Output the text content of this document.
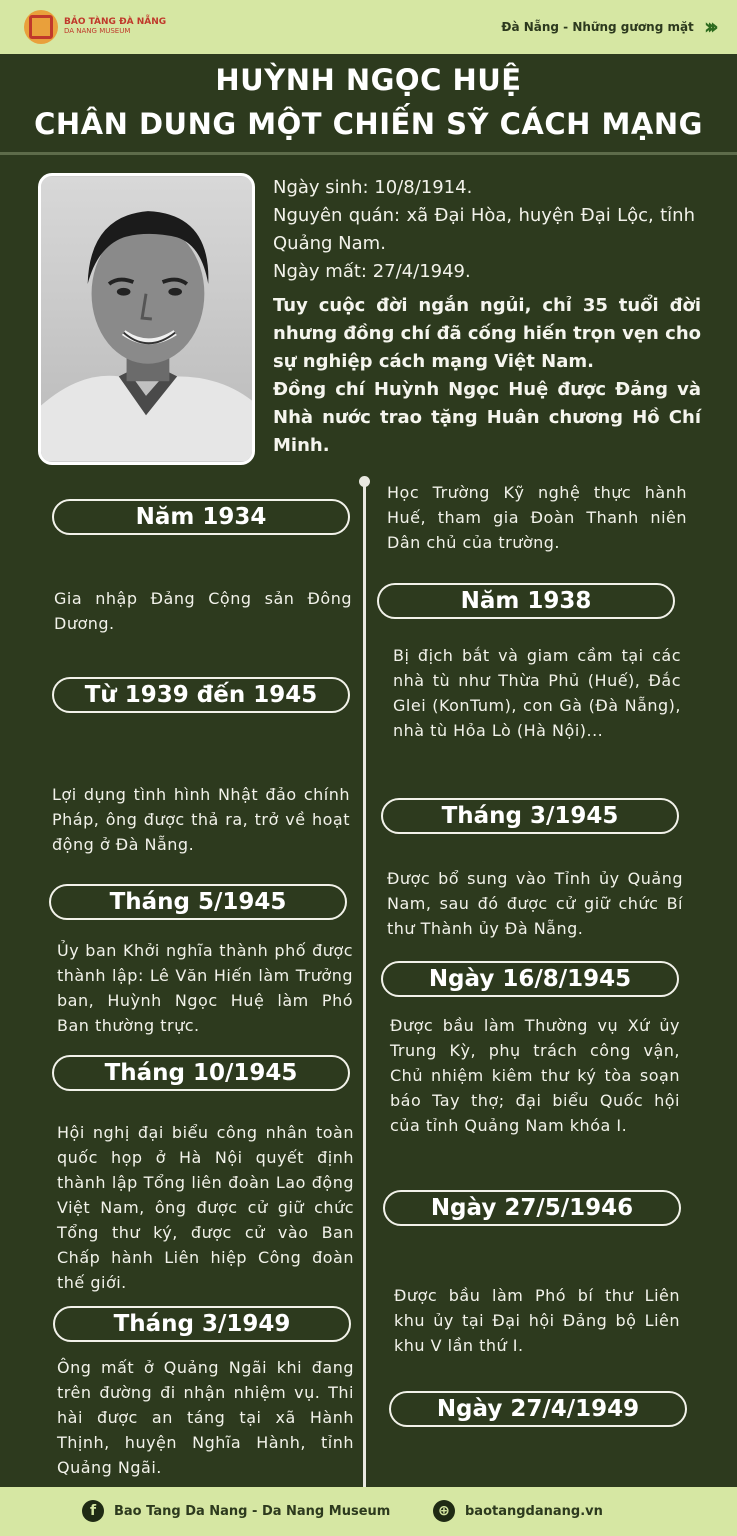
BẢO TÀNG ĐÀ NẴNG
DA NANG MUSEUM	Đà Nẵng - Những gương mặt ›››
HUỲNH NGỌC HUỆ
CHÂN DUNG MỘT CHIẾN SỸ CÁCH MẠNG
Ngày sinh: 10/8/1914.
Nguyên quán: xã Đại Hòa, huyện Đại Lộc, tỉnh Quảng Nam.
Ngày mất: 27/4/1949.

Tuy cuộc đời ngắn ngủi, chỉ 35 tuổi đời nhưng đồng chí đã cống hiến trọn vẹn cho sự nghiệp cách mạng Việt Nam.

Đồng chí Huỳnh Ngọc Huệ được Đảng và Nhà nước trao tặng Huân chương Hồ Chí Minh.

Năm 1934
Học Trường Kỹ nghệ thực hành Huế, tham gia Đoàn Thanh niên Dân chủ của trường.
Năm 1938
Gia nhập Đảng Cộng sản Đông Dương.
Từ 1939 đến 1945
Bị địch bắt và giam cầm tại các nhà tù như Thừa Phủ (Huế), Đắc Glei (KonTum), con Gà (Đà Nẵng), nhà tù Hỏa Lò (Hà Nội)...
Tháng 3/1945
Lợi dụng tình hình Nhật đảo chính Pháp, ông được thả ra, trở về hoạt động ở Đà Nẵng.
Tháng 5/1945
Được bổ sung vào Tỉnh ủy Quảng Nam, sau đó được cử giữ chức Bí thư Thành ủy Đà Nẵng.
Ngày 16/8/1945
Ủy ban Khởi nghĩa thành phố được thành lập: Lê Văn Hiến làm Trưởng ban, Huỳnh Ngọc Huệ làm Phó Ban thường trực.
Tháng 10/1945
Được bầu làm Thường vụ Xứ ủy Trung Kỳ, phụ trách công vận, Chủ nhiệm kiêm thư ký tòa soạn báo Tay thợ; đại biểu Quốc hội của tỉnh Quảng Nam khóa I.
Ngày 27/5/1946
Hội nghị đại biểu công nhân toàn quốc họp ở Hà Nội quyết định thành lập Tổng liên đoàn Lao động Việt Nam, ông được cử giữ chức Tổng thư ký, được cử vào Ban Chấp hành Liên hiệp Công đoàn thế giới.
Tháng 3/1949
Được bầu làm Phó bí thư Liên khu ủy tại Đại hội Đảng bộ Liên khu V lần thứ I.
Ngày 27/4/1949
Ông mất ở Quảng Ngãi khi đang trên đường đi nhận nhiệm vụ. Thi hài được an táng tại xã Hành Thịnh, huyện Nghĩa Hành, tỉnh Quảng Ngãi.
f	Bao Tang Da Nang - Da Nang Museum	⊕	baotangdanang.vn
